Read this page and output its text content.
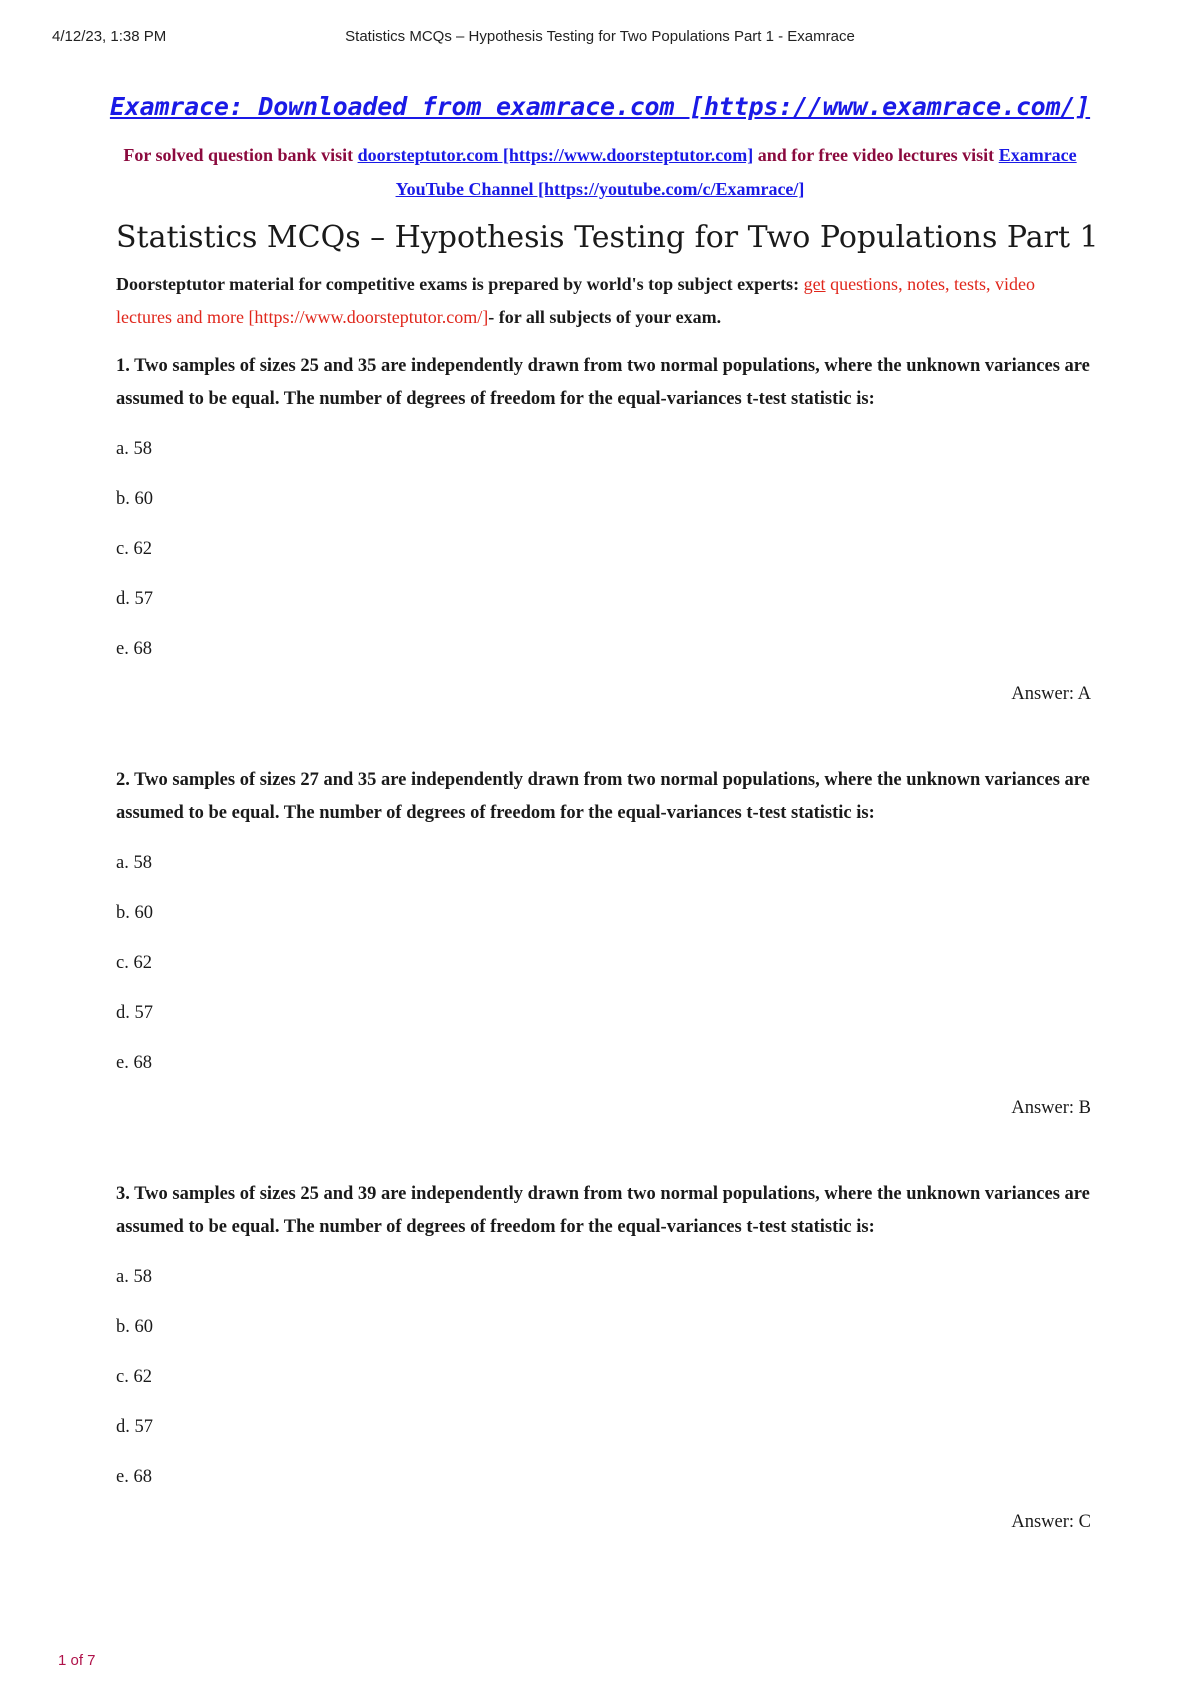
4/12/23, 1:38 PM	Statistics MCQs – Hypothesis Testing for Two Populations Part 1 - Examrace
Examrace: Downloaded from examrace.com [https://www.examrace.com/]
For solved question bank visit doorsteptutor.com [https://www.doorsteptutor.com] and for free video lectures visit Examrace YouTube Channel [https://youtube.com/c/Examrace/]
Statistics MCQs – Hypothesis Testing for Two Populations Part 1
Doorsteptutor material for competitive exams is prepared by world's top subject experts: get questions, notes, tests, video lectures and more [https://www.doorsteptutor.com/]- for all subjects of your exam.
1. Two samples of sizes 25 and 35 are independently drawn from two normal populations, where the unknown variances are assumed to be equal. The number of degrees of freedom for the equal-variances t-test statistic is:
a. 58
b. 60
c. 62
d. 57
e. 68
Answer: A
2. Two samples of sizes 27 and 35 are independently drawn from two normal populations, where the unknown variances are assumed to be equal. The number of degrees of freedom for the equal-variances t-test statistic is:
a. 58
b. 60
c. 62
d. 57
e. 68
Answer: B
3. Two samples of sizes 25 and 39 are independently drawn from two normal populations, where the unknown variances are assumed to be equal. The number of degrees of freedom for the equal-variances t-test statistic is:
a. 58
b. 60
c. 62
d. 57
e. 68
Answer: C
1 of 7
